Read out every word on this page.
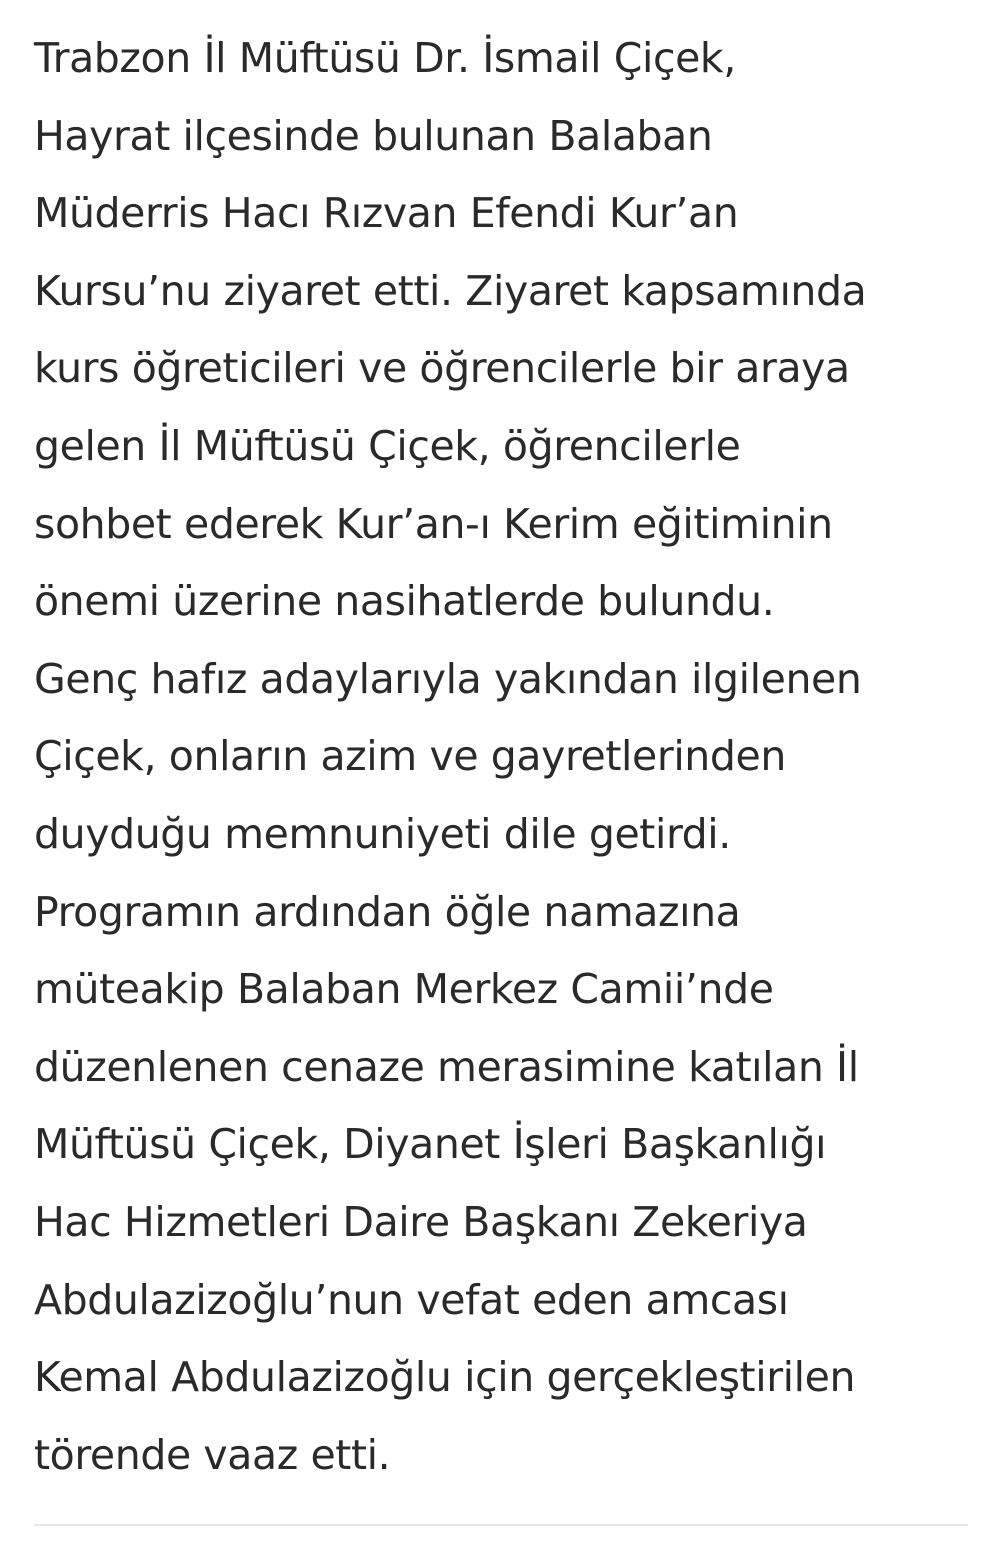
Trabzon İl Müftüsü Dr. İsmail Çiçek,
Hayrat ilçesinde bulunan Balaban
Müderris Hacı Rızvan Efendi Kur’an
Kursu’nu ziyaret etti. Ziyaret kapsamında
kurs öğreticileri ve öğrencilerle bir araya
gelen İl Müftüsü Çiçek, öğrencilerle
sohbet ederek Kur’an-ı Kerim eğitiminin
önemi üzerine nasihatlerde bulundu.
Genç hafız adaylarıyla yakından ilgilenen
Çiçek, onların azim ve gayretlerinden
duyduğu memnuniyeti dile getirdi.
Programın ardından öğle namazına
müteakip Balaban Merkez Camii’nde
düzenlenen cenaze merasimine katılan İl
Müftüsü Çiçek, Diyanet İşleri Başkanlığı
Hac Hizmetleri Daire Başkanı Zekeriya
Abdulazizoğlu’nun vefat eden amcası
Kemal Abdulazizoğlu için gerçekleştirilen
törende vaaz etti.
